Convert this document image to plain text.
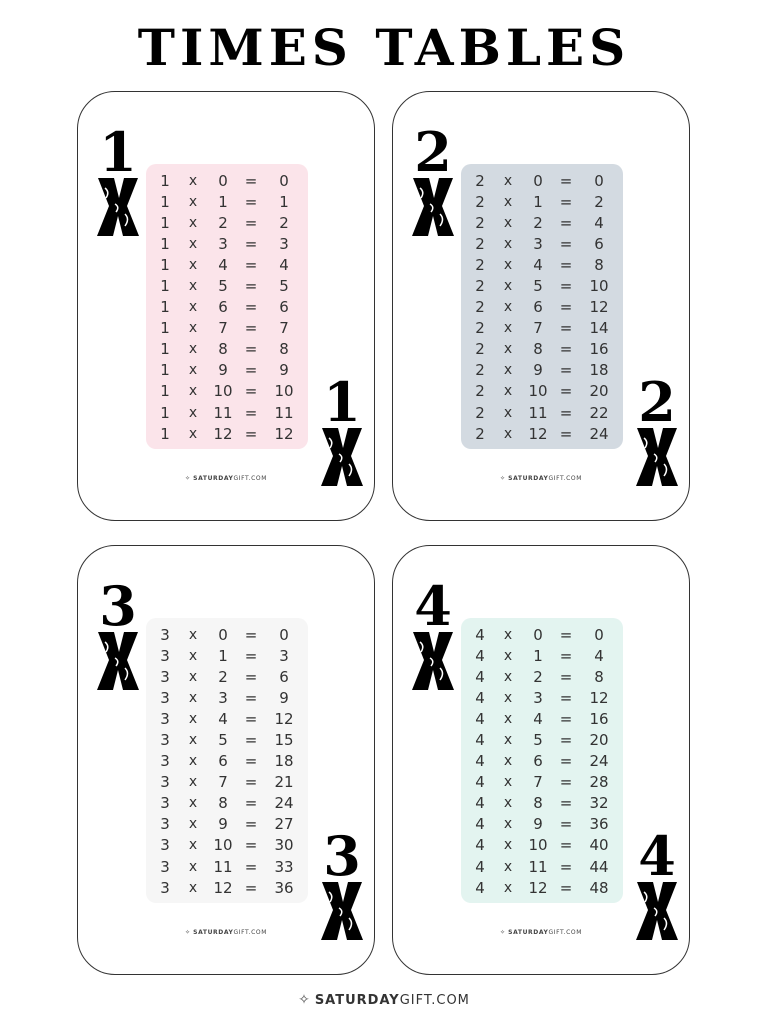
TIMES TABLES
1	1	x	0	=	0
1	x	1	=	1
1	x	2	=	2
1	x	3	=	3
1	x	4	=	4
1	x	5	=	5
1	x	6	=	6
1	x	7	=	7
1	x	8	=	8
1	x	9	=	9
1	x	10 =	10
1	x	11 =	11
1	x	12 =	12 1
✧ SATURDAYGIFT.COM
2	2	x	0	=	0
2	x	1	=	2
2	x	2	=	4
2	x	3	=	6
2	x	4	=	8
2	x	5	=	10
2	x	6	=	12
2	x	7	=	14
2	x	8	=	16
2	x	9	=	18
2	x	10 =	20
2	x	11 =	22
2	x	12 =	24 2
✧ SATURDAYGIFT.COM
3	3	x	0	=	0
3	x	1	=	3
3	x	2	=	6
3	x	3	=	9
3	x	4	=	12
3	x	5	=	15
3	x	6	=	18
3	x	7	=	21
3	x	8	=	24
3	x	9	=	27
3	x	10 =	30
3	x	11 =	33
3	x	12 =	36 3
✧ SATURDAYGIFT.COM
4	4	x	0	=	0
4	x	1	=	4
4	x	2	=	8
4	x	3	=	12
4	x	4	=	16
4	x	5	=	20
4	x	6	=	24
4	x	7	=	28
4	x	8	=	32
4	x	9	=	36
4	x	10 =	40
4	x	11 =	44
4	x	12 =	48 4
✧ SATURDAYGIFT.COM
✧ SATURDAYGIFT.COM
